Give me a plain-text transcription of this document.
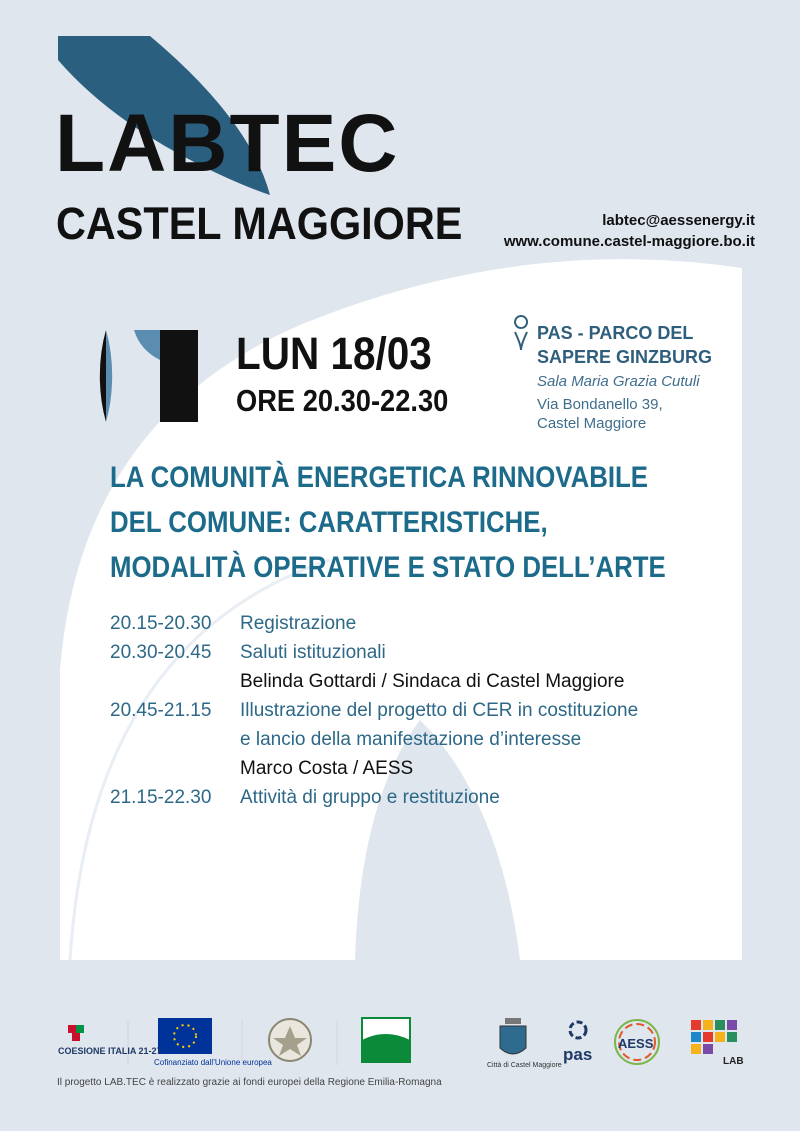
LABTEC
CASTEL MAGGIORE	labtec@aessenergy.it
www.comune.castel-maggiore.bo.it
LUN 18/03
ORE 20.30-22.30
PAS - PARCO DEL
SAPERE GINZBURG
Sala Maria Grazia Cutuli
Via Bondanello 39,
Castel Maggiore
LA COMUNITÀ ENERGETICA RINNOVABILE
DEL COMUNE: CARATTERISTICHE,
MODALITÀ OPERATIVE E STATO DELL’ARTE
20.15-20.30 Registrazione
20.30-20.45 Saluti istituzionali
Belinda Gottardi / Sindaca di Castel Maggiore
20.45-21.15 Illustrazione del progetto di CER in costituzione
e lancio della manifestazione d’interesse
Marco Costa / AESS
21.15-22.30 Attività di gruppo e restituzione
COESIONE ITALIA 21-27
Cofinanziato dall’Unione europea	Città di Castel Maggiore
pas
AESS
LAB
Il progetto LAB.TEC è realizzato grazie ai fondi europei della Regione Emilia-Romagna
